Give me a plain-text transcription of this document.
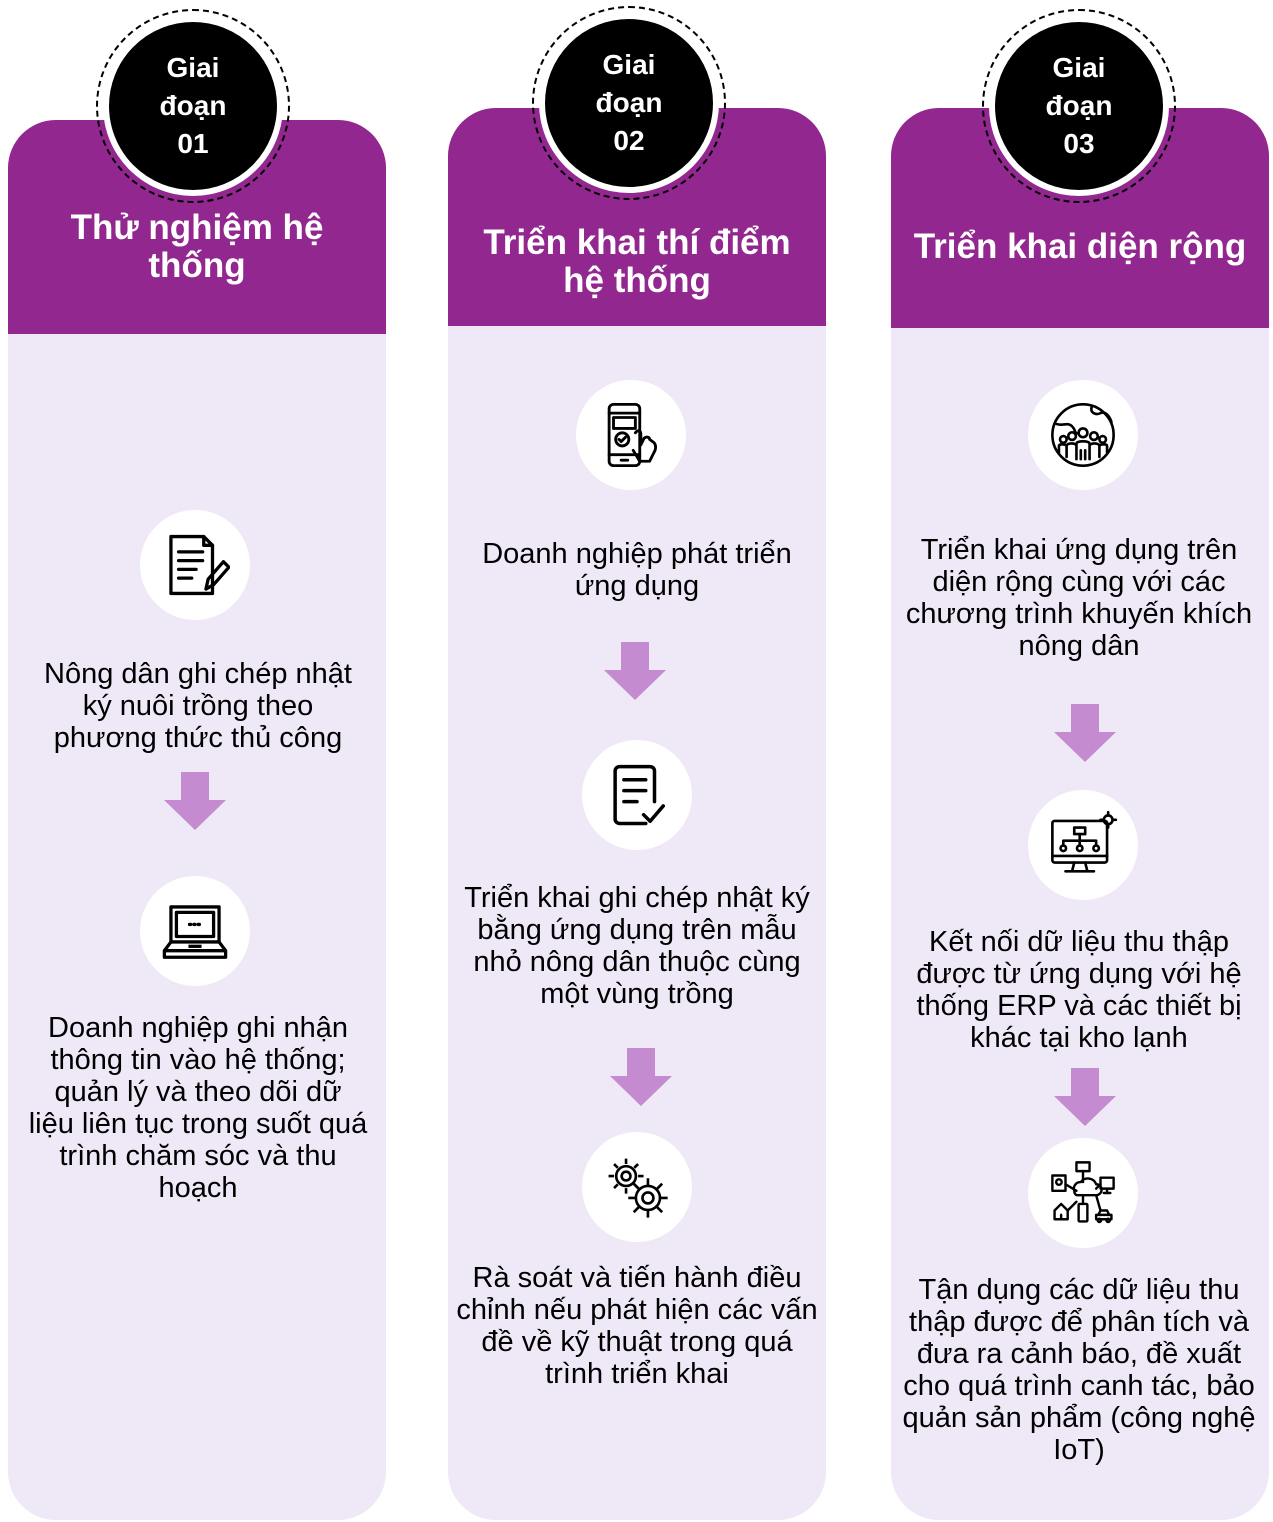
Thử nghiệm hệ thống
Giai
đoạn
01
Nông dân ghi chép nhật ký nuôi trồng theo phương thức thủ công
Doanh nghiệp ghi nhận thông tin vào hệ thống; quản lý và theo dõi dữ liệu liên tục trong suốt quá trình chăm sóc và thu hoạch
Triển khai thí điểm hệ thống
Giai
đoạn
02
Doanh nghiệp phát triển ứng dụng
Triển khai ghi chép nhật ký bằng ứng dụng trên mẫu nhỏ nông dân thuộc cùng một vùng trồng
Rà soát và tiến hành điều chỉnh nếu phát hiện các vấn đề về kỹ thuật trong quá trình triển khai
Triển khai diện rộng
Giai
đoạn
03
Triển khai ứng dụng trên diện rộng cùng với các chương trình khuyến khích nông dân
Kết nối dữ liệu thu thập được từ ứng dụng với hệ thống ERP và các thiết bị khác tại kho lạnh
Tận dụng các dữ liệu thu thập được để phân tích và đưa ra cảnh báo, đề xuất cho quá trình canh tác, bảo quản sản phẩm (công nghệ IoT)
